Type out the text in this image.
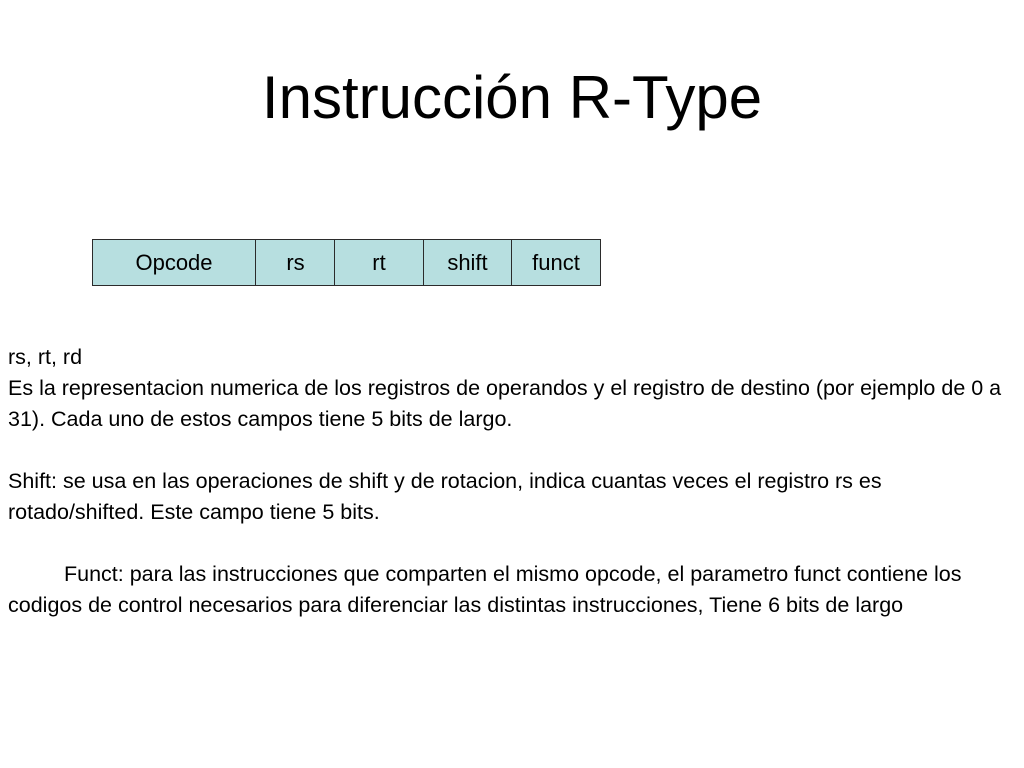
Instrucción R-Type
Opcode	rs	rt	shift	funct

rs, rt, rd

Es la representacion numerica de los registros de operandos y el registro de destino (por ejemplo de 0 a 31). Cada uno de estos campos tiene 5 bits de largo.

Shift: se usa en las operaciones de shift y de rotacion, indica cuantas veces el registro rs es rotado/shifted. Este campo tiene 5 bits.

Funct: para las instrucciones que comparten el mismo opcode, el parametro funct contiene los codigos de control necesarios para diferenciar las distintas instrucciones, Tiene 6 bits de largo
